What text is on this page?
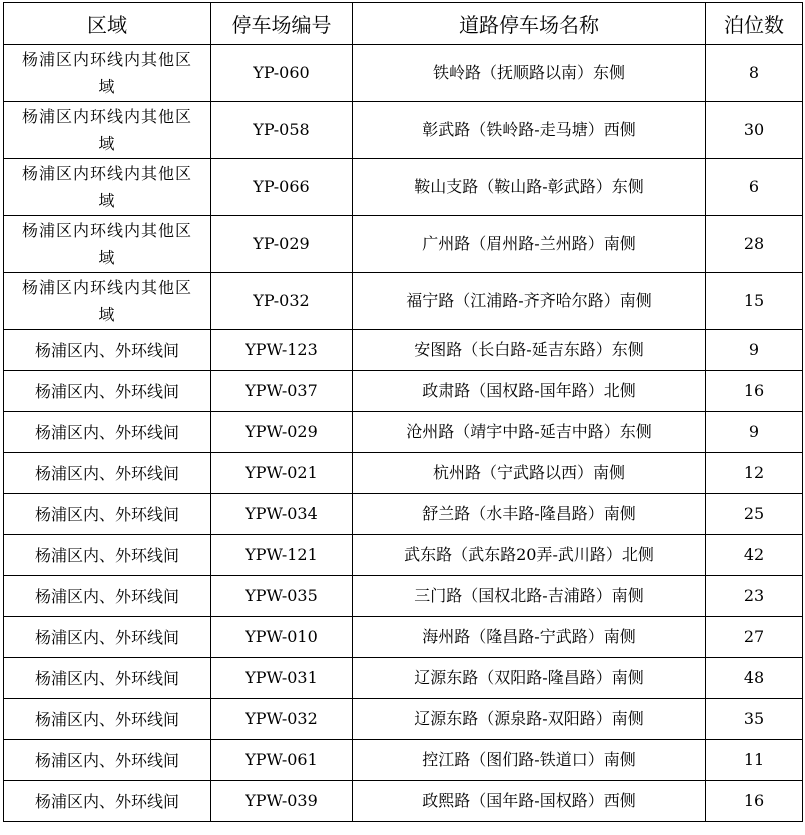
区域	停车场编号	道路停车场名称	泊位数
杨浦区内环线内其他区域	YP-060	铁岭路（抚顺路以南）东侧	8
杨浦区内环线内其他区域	YP-058	彰武路（铁岭路-走马塘）西侧	30
杨浦区内环线内其他区域	YP-066	鞍山支路（鞍山路-彰武路）东侧	6
杨浦区内环线内其他区域	YP-029	广州路（眉州路-兰州路）南侧	28
杨浦区内环线内其他区域	YP-032	福宁路（江浦路-齐齐哈尔路）南侧	15
杨浦区内、外环线间	YPW-123	安图路（长白路-延吉东路）东侧	9
杨浦区内、外环线间	YPW-037	政肃路（国权路-国年路）北侧	16
杨浦区内、外环线间	YPW-029	沧州路（靖宇中路-延吉中路）东侧	9
杨浦区内、外环线间	YPW-021	杭州路（宁武路以西）南侧	12
杨浦区内、外环线间	YPW-034	舒兰路（水丰路-隆昌路）南侧	25
杨浦区内、外环线间	YPW-121	武东路（武东路20弄-武川路）北侧	42
杨浦区内、外环线间	YPW-035	三门路（国权北路-吉浦路）南侧	23
杨浦区内、外环线间	YPW-010	海州路（隆昌路-宁武路）南侧	27
杨浦区内、外环线间	YPW-031	辽源东路（双阳路-隆昌路）南侧	48
杨浦区内、外环线间	YPW-032	辽源东路（源泉路-双阳路）南侧	35
杨浦区内、外环线间	YPW-061	控江路（图们路-铁道口）南侧	11
杨浦区内、外环线间	YPW-039	政熙路（国年路-国权路）西侧	16
